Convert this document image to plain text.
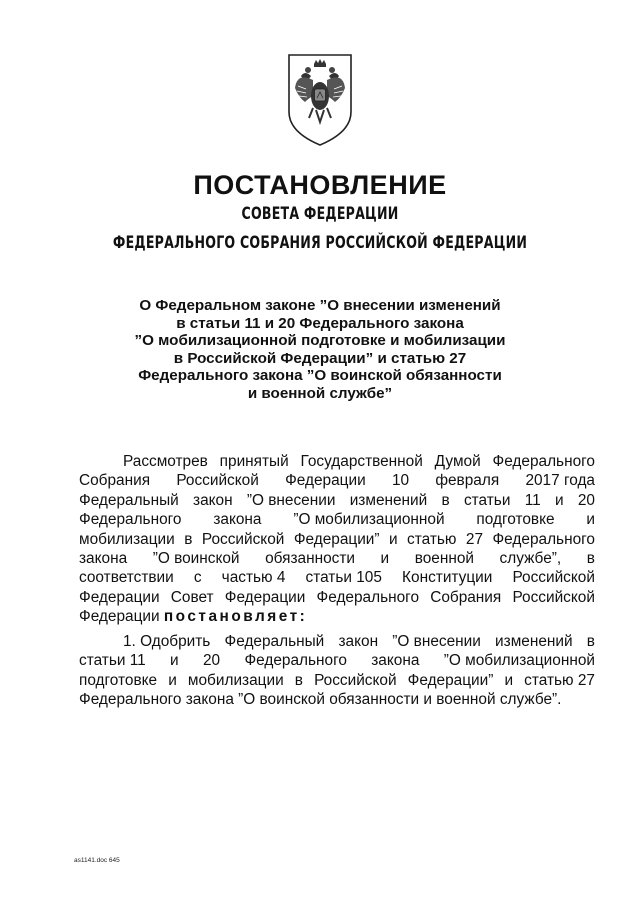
ПОСТАНОВЛЕНИЕ
СОВЕТА ФЕДЕРАЦИИ
ФЕДЕРАЛЬНОГО СОБРАНИЯ РОССИЙСКОЙ ФЕДЕРАЦИИ
О Федеральном законе ”О внесении изменений
в статьи 11 и 20 Федерального закона
”О мобилизационной подготовке и мобилизации
в Российской Федерации” и статью 27
Федерального закона ”О воинской обязанности
и военной службе”
Рассмотрев принятый Государственной Думой Федерального
Собрания Российской Федерации 10 февраля 2017 года
Федеральный закон ”О внесении изменений в статьи 11 и 20
Федерального закона ”О мобилизационной подготовке и
мобилизации в Российской Федерации” и статью 27 Федерального
закона ”О воинской обязанности и военной службе”, в
соответствии с частью 4 статьи 105 Конституции Российской
Федерации Совет Федерации Федерального Собрания Российской
Федерации
постановляет:
1. Одобрить Федеральный закон ”О внесении изменений в
статьи 11 и 20 Федерального закона ”О мобилизационной
подготовке и мобилизации в Российской Федерации” и статью 27
Федерального закона ”О воинской обязанности и военной службе”.
as1141.doc 645
